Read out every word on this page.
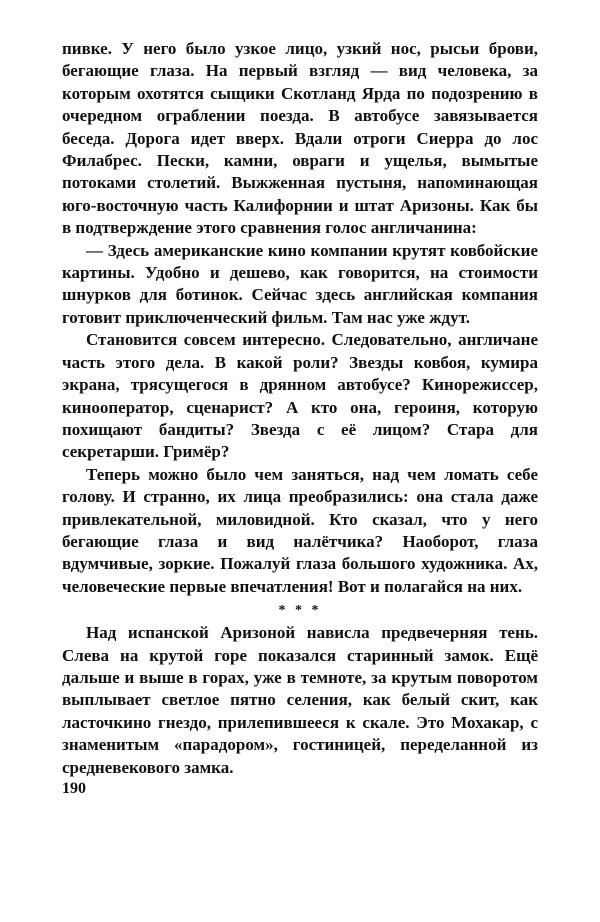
пивке. У него было узкое лицо, узкий нос, рысьи брови, бегающие глаза. На первый взгляд — вид человека, за которым охотятся сыщики Скотланд Ярда по подозрению в очередном ограблении поезда. В автобусе завязывается беседа. Дорога идет вверх. Вдали отроги Сиерра до лос Филабрес. Пески, камни, овраги и ущелья, вымытые потоками столетий. Выжженная пустыня, напоминающая юго-восточную часть Калифорнии и штат Аризоны. Как бы в подтверждение этого сравнения голос англичанина:

— Здесь американские кино компании крутят ковбойские картины. Удобно и дешево, как говорится, на стоимости шнурков для ботинок. Сейчас здесь английская компания готовит приключенческий фильм. Там нас уже ждут.

Становится совсем интересно. Следовательно, англичане часть этого дела. В какой роли? Звезды ковбоя, кумира экрана, трясущегося в дрянном автобусе? Кинорежиссер, кинооператор, сценарист? А кто она, героиня, которую похищают бандиты? Звезда с её лицом? Стара для секретарши. Гримёр?

Теперь можно было чем заняться, над чем ломать себе голову. И странно, их лица преобразились: она стала даже привлекательной, миловидной. Кто сказал, что у него бегающие глаза и вид налётчика? Наоборот, глаза вдумчивые, зоркие. Пожалуй глаза большого художника. Ах, человеческие первые впечатления! Вот и полагайся на них.

* * *

Над испанской Аризоной нависла предвечерняя тень. Слева на крутой горе показался старинный замок. Ещё дальше и выше в горах, уже в темноте, за крутым поворотом выплывает светлое пятно селения, как белый скит, как ласточкино гнездо, прилепившееся к скале. Это Мохакар, с знаменитым «парадором», гостиницей, переделанной из средневекового замка.

190
